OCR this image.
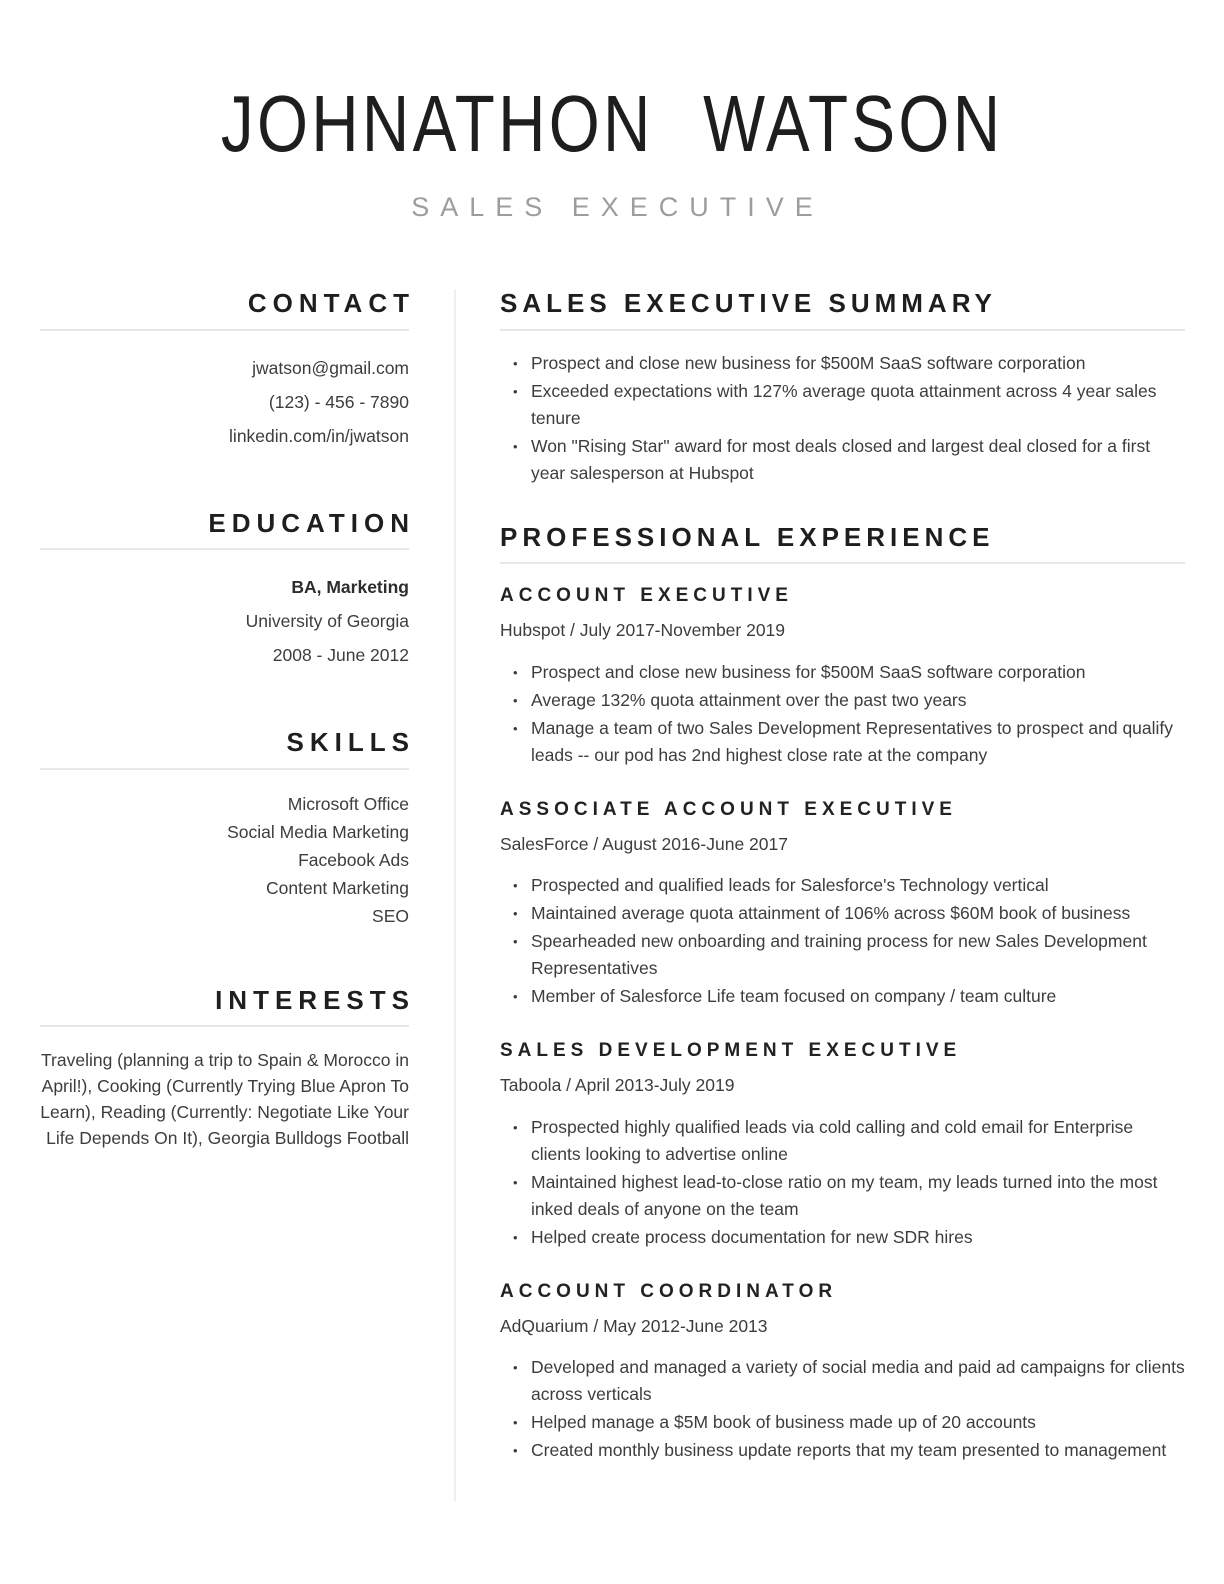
JOHNATHON WATSON
SALES EXECUTIVE
CONTACT
jwatson@gmail.com
(123) - 456 - 7890
linkedin.com/in/jwatson
EDUCATION
BA, Marketing
University of Georgia
2008 - June 2012
SKILLS
Microsoft Office
Social Media Marketing
Facebook Ads
Content Marketing
SEO
INTERESTS
Traveling (planning a trip to Spain & Morocco in April!), Cooking (Currently Trying Blue Apron To Learn), Reading (Currently: Negotiate Like Your Life Depends On It), Georgia Bulldogs Football
SALES EXECUTIVE SUMMARY
• Prospect and close new business for $500M SaaS software corporation
• Exceeded expectations with 127% average quota attainment across 4 year sales tenure
• Won "Rising Star" award for most deals closed and largest deal closed for a first year salesperson at Hubspot
PROFESSIONAL EXPERIENCE
ACCOUNT EXECUTIVE
Hubspot / July 2017-November 2019
• Prospect and close new business for $500M SaaS software corporation
• Average 132% quota attainment over the past two years
• Manage a team of two Sales Development Representatives to prospect and qualify leads -- our pod has 2nd highest close rate at the company
ASSOCIATE ACCOUNT EXECUTIVE
SalesForce / August 2016-June 2017
• Prospected and qualified leads for Salesforce's Technology vertical
• Maintained average quota attainment of 106% across $60M book of business
• Spearheaded new onboarding and training process for new Sales Development Representatives
• Member of Salesforce Life team focused on company / team culture
SALES DEVELOPMENT EXECUTIVE
Taboola / April 2013-July 2019
• Prospected highly qualified leads via cold calling and cold email for Enterprise clients looking to advertise online
• Maintained highest lead-to-close ratio on my team, my leads turned into the most inked deals of anyone on the team
• Helped create process documentation for new SDR hires
ACCOUNT COORDINATOR
AdQuarium / May 2012-June 2013
• Developed and managed a variety of social media and paid ad campaigns for clients across verticals
• Helped manage a $5M book of business made up of 20 accounts
• Created monthly business update reports that my team presented to management
